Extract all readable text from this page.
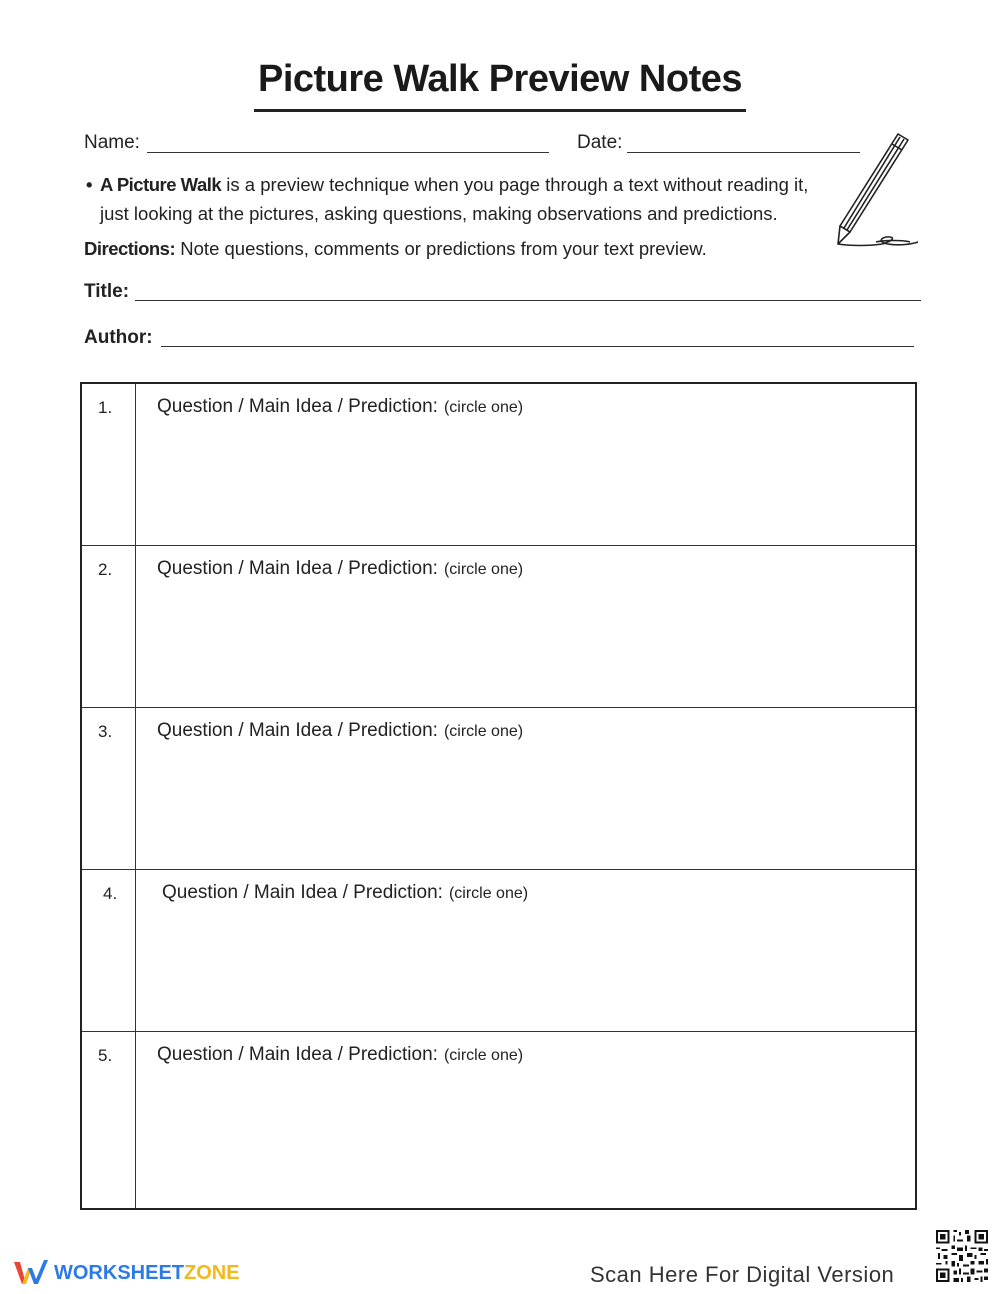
Picture Walk Preview Notes
Name:	Date:
• A Picture Walk is a preview technique when you page through a text without reading it, just looking at the pictures, asking questions, making observations and predictions.
Directions: Note questions, comments or predictions from your text preview.
Title:
Author:
1. Question / Main Idea / Prediction: (circle one)
2. Question / Main Idea / Prediction: (circle one)
3. Question / Main Idea / Prediction: (circle one)
4. Question / Main Idea / Prediction: (circle one)
5. Question / Main Idea / Prediction: (circle one)
WORKSHEETZONE	Scan Here For Digital Version
